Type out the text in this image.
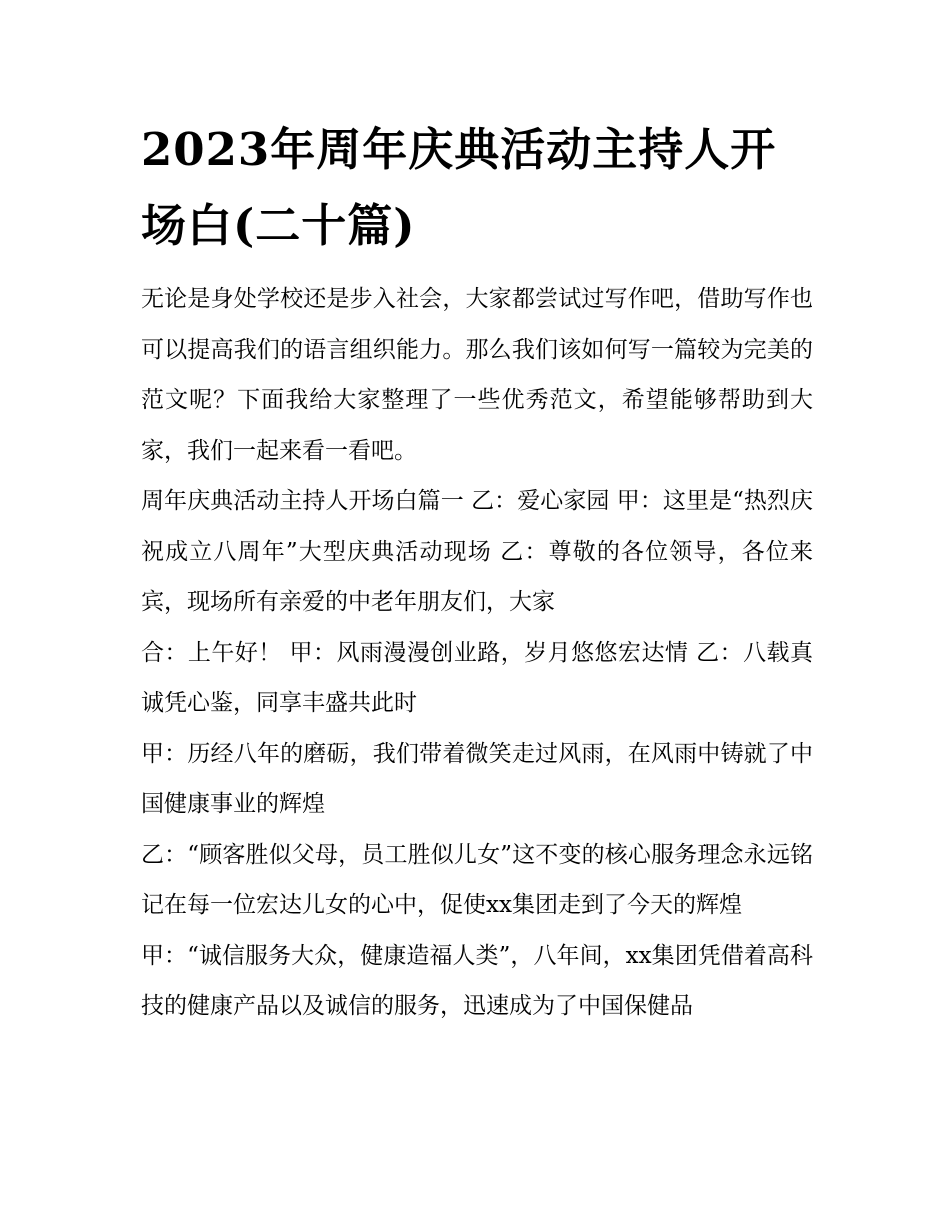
2023年周年庆典活动主持人开场白(二十篇)

无论是身处学校还是步入社会，大家都尝试过写作吧，借助写作也可以提高我们的语言组织能力。那么我们该如何写一篇较为完美的范文呢？下面我给大家整理了一些优秀范文，希望能够帮助到大家，我们一起来看一看吧。

周年庆典活动主持人开场白篇一 乙：爱心家园 甲：这里是“热烈庆祝成立八周年”大型庆典活动现场 乙：尊敬的各位领导，各位来宾，现场所有亲爱的中老年朋友们，大家

合：上午好！ 甲：风雨漫漫创业路，岁月悠悠宏达情 乙：八载真诚凭心鉴，同享丰盛共此时

甲：历经八年的磨砺，我们带着微笑走过风雨，在风雨中铸就了中国健康事业的辉煌

乙：“顾客胜似父母，员工胜似儿女”这不变的核心服务理念永远铭记在每一位宏达儿女的心中，促使xx集团走到了今天的辉煌

甲：“诚信服务大众，健康造福人类”，八年间，xx集团凭借着高科技的健康产品以及诚信的服务，迅速成为了中国保健品
